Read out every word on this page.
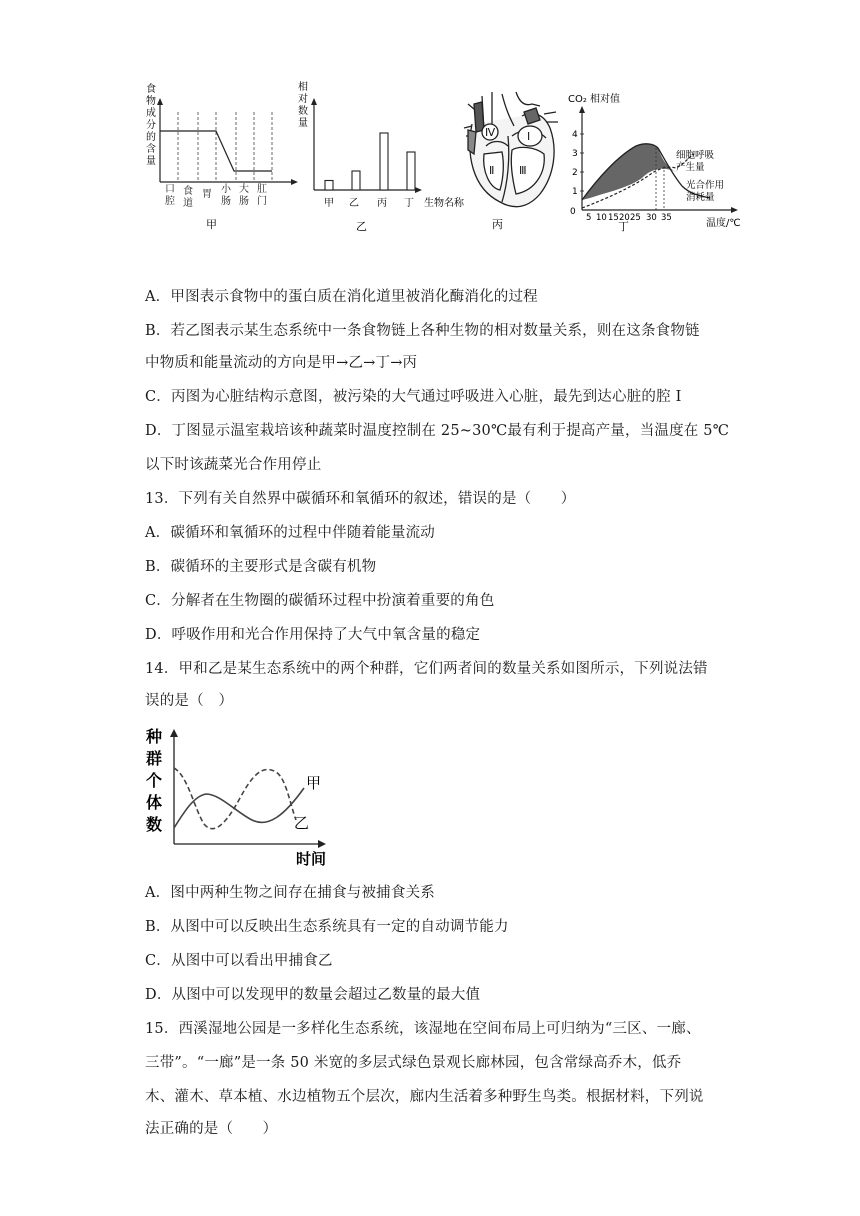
食
物
成
分
的
含
量
口
腔
食
道
胃 小
肠
大
肠
肛
门
甲
相
对
数
量
甲 乙 丙 丁 生物名称
乙
Ⅳ	Ⅰ
Ⅱ Ⅲ
丙
CO₂ 相对值
0
1
2
3
4
5 10 15 20 25 30 35
细胞呼吸
产生量
光合作用
消耗量
温度/℃
丁
A．甲图表示食物中的蛋白质在消化道里被消化酶消化的过程
B．若乙图表示某生态系统中一条食物链上各种生物的相对数量关系，则在这条食物链
中物质和能量流动的方向是甲→乙→丁→丙
C．丙图为心脏结构示意图，被污染的大气通过呼吸进入心脏，最先到达心脏的腔 I
D．丁图显示温室栽培该种蔬菜时温度控制在 25~30℃最有利于提高产量，当温度在 5℃
以下时该蔬菜光合作用停止
13．下列有关自然界中碳循环和氧循环的叙述，错误的是（　　）
A．碳循环和氧循环的过程中伴随着能量流动
B．碳循环的主要形式是含碳有机物
C．分解者在生物圈的碳循环过程中扮演着重要的角色
D．呼吸作用和光合作用保持了大气中氧含量的稳定
14．甲和乙是某生态系统中的两个种群，它们两者间的数量关系如图所示，下列说法错
误的是（　）
种
群
个
体
数
甲
乙
时间
A．图中两种生物之间存在捕食与被捕食关系
B．从图中可以反映出生态系统具有一定的自动调节能力
C．从图中可以看出甲捕食乙
D．从图中可以发现甲的数量会超过乙数量的最大值
15．西溪湿地公园是一多样化生态系统，该湿地在空间布局上可归纳为“三区、一廊、
三带”。“一廊”是一条 50 米宽的多层式绿色景观长廊林园，包含常绿高乔木，低乔
木、灌木、草本植、水边植物五个层次，廊内生活着多种野生鸟类。根据材料，下列说
法正确的是（　　）
